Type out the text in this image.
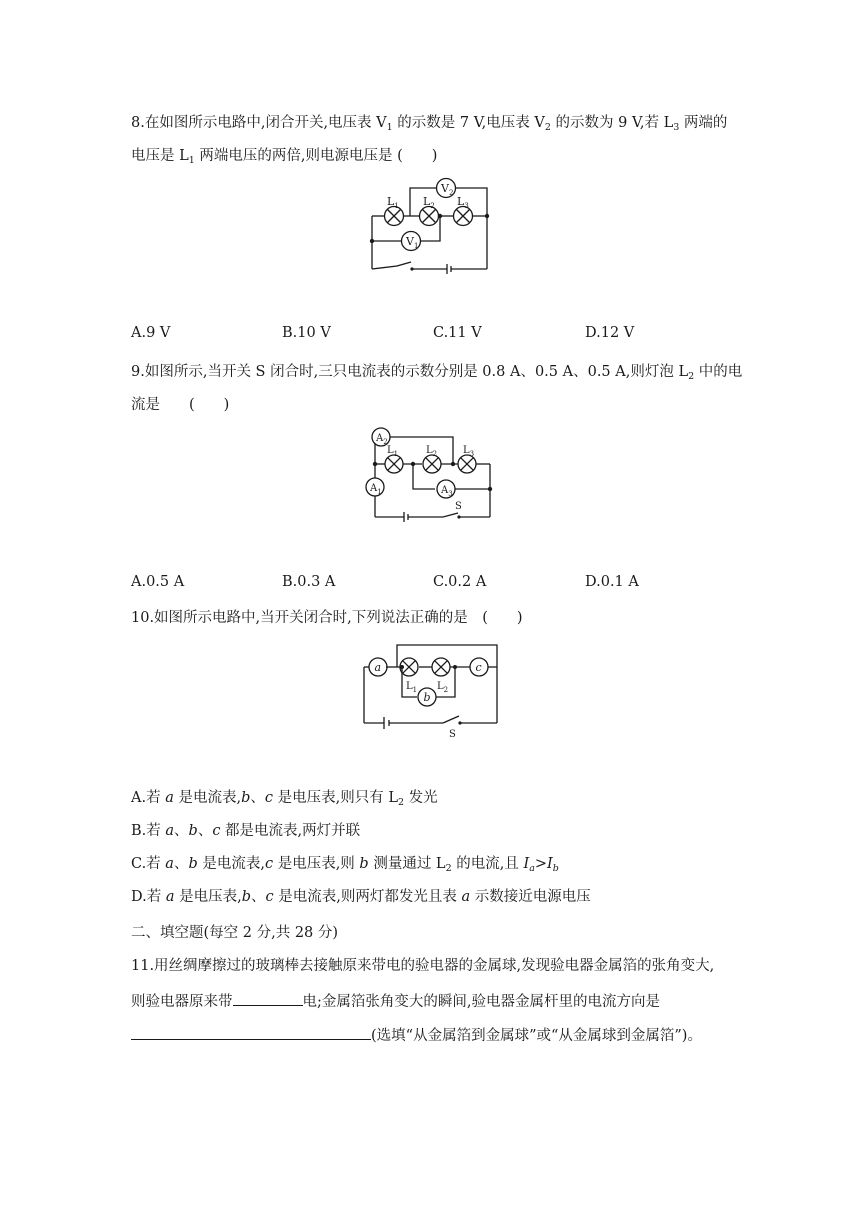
8.在如图所示电路中,闭合开关,电压表 $V_1$ 的示数是 7 V,电压表 $V_2$ 的示数为 9 V,若 $L_3$ 两端的
电压是 $L_1$ 两端电压的两倍,则电源电压是 (　　)
$V_2$
$V_1$
$L_1$ $L_2$ $L_3$
A.9 V	B.10 V	C.11 V	D.12 V
9.如图所示,当开关 S 闭合时,三只电流表的示数分别是 0.8 A、0.5 A、0.5 A,则灯泡 $L_2$ 中的电
流是　　(　　)
$A_2$
$A_1$	$A_3$
$L_1$	$L_2$	$L_3$
S
A.0.5 A	B.0.3 A	C.0.2 A	D.0.1 A
10.如图所示电路中,当开关闭合时,下列说法正确的是　(　　)
a
b
c
$L_1$ $L_2$
S
A.若 a 是电流表,b、c 是电压表,则只有 $L_2$ 发光
B.若 a、b、c 都是电流表,两灯并联
C.若 a、b 是电流表,c 是电压表,则 b 测量通过 $L_2$ 的电流,且 $I_a>I_b$
D.若 a 是电压表,b、c 是电流表,则两灯都发光且表 a 示数接近电源电压
二、填空题(每空 2 分,共 28 分)
11.用丝绸摩擦过的玻璃棒去接触原来带电的验电器的金属球,发现验电器金属箔的张角变大,
则验电器原来带	电;金属箔张角变大的瞬间,验电器金属杆里的电流方向是
(选填“从金属箔到金属球”或“从金属球到金属箔”)。
